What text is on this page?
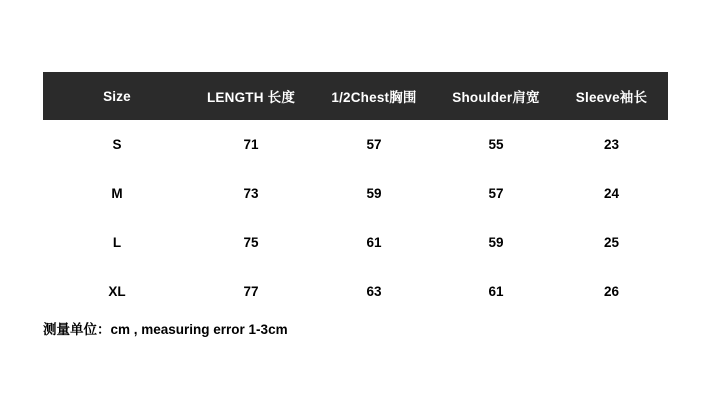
Size	LENGTH 长度	1/2Chest胸围	Shoulder肩宽	Sleeve袖长
S	71	57	55	23
M	73	59	57	24
L	75	61	59	25
XL	77	63	61	26
测量单位：cm , measuring error 1-3cm
